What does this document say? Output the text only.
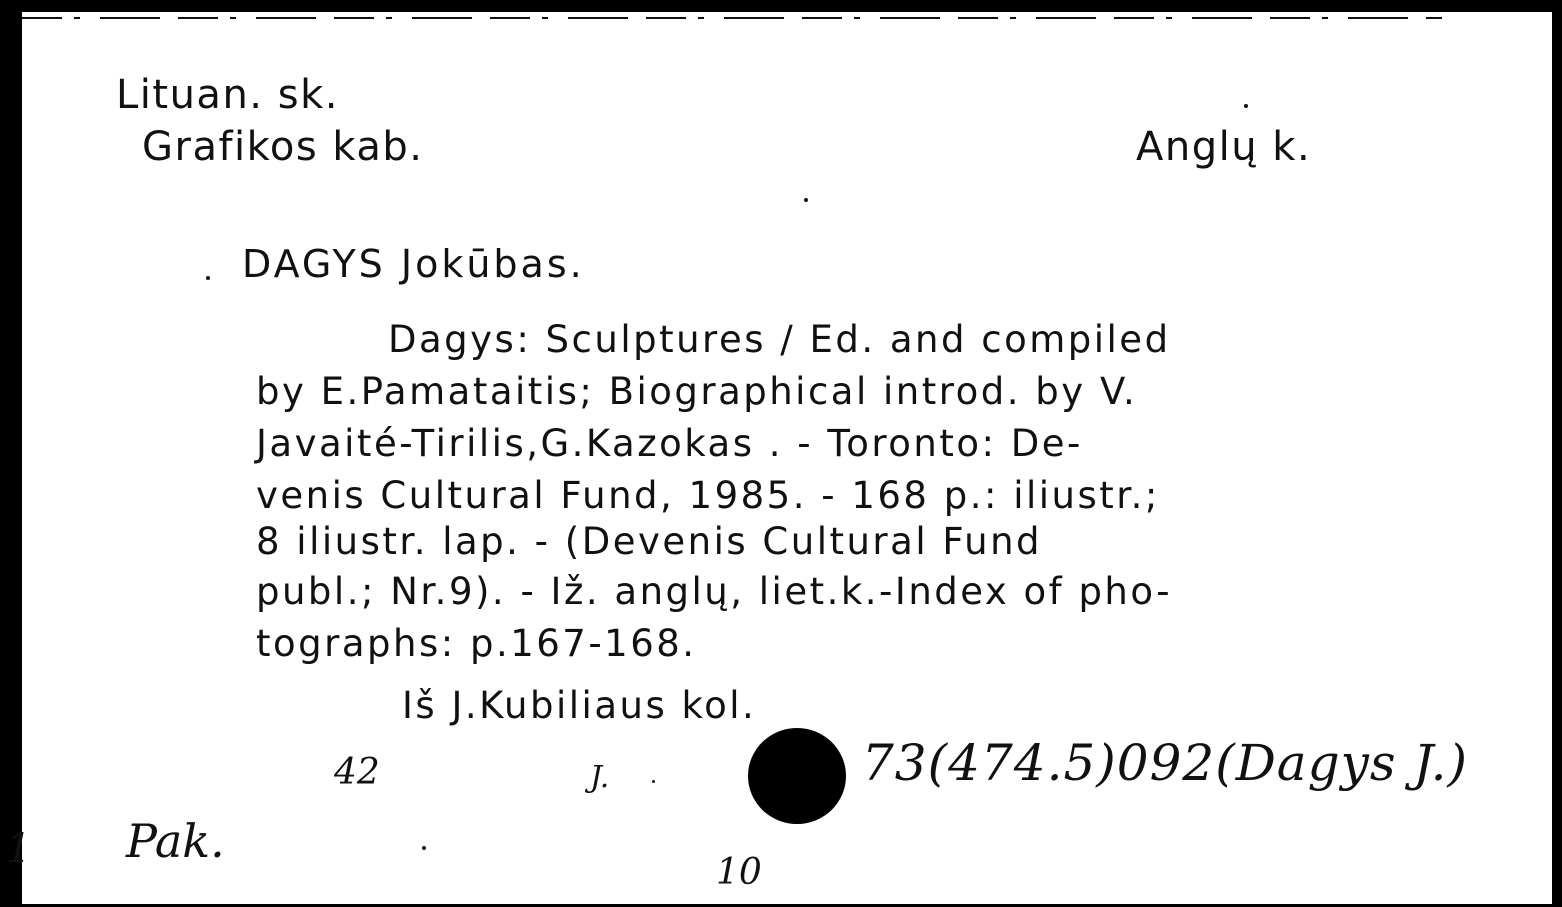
Lituan. sk.
Grafikos kab.	Anglų k.
DAGYS Jokūbas.
Dagys: Sculptures / Ed. and compiled
by E.Pamataitis; Biographical introd. by V.
Javaité-Tirilis,G.Kazokas . - Toronto: De-
venis Cultural Fund, 1985. - 168 p.: iliustr.;
8 iliustr. lap. - (Devenis Cultural Fund
publ.; Nr.9). - Iž. anglų, liet.k.-Index of pho-
tographs: p.167-168.
Iš J.Kubiliaus kol.
42	J.	73(474.5)092(Dagys J.)
1 Pak.
10
